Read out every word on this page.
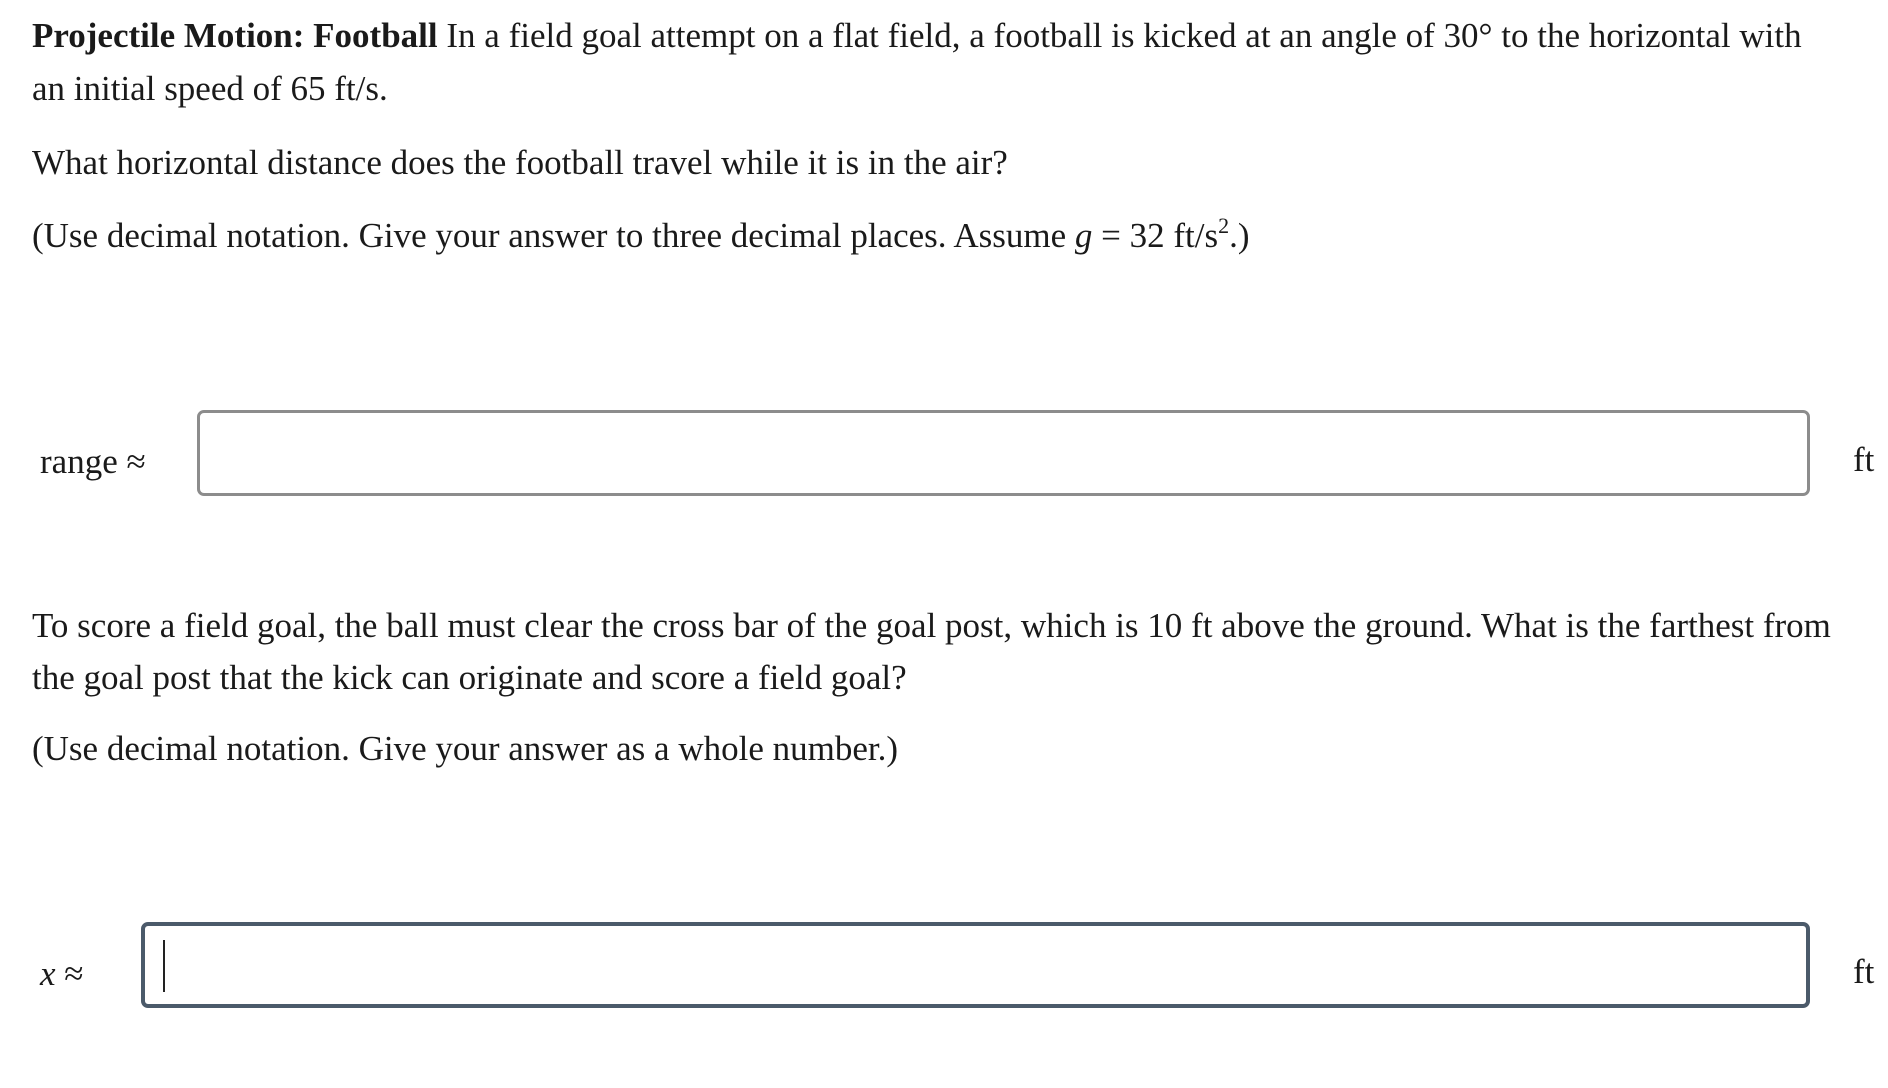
Projectile Motion: Football In a field goal attempt on a flat field, a football is kicked at an angle of 30° to the horizontal with

an initial speed of 65 ft/s.

What horizontal distance does the football travel while it is in the air?

(Use decimal notation. Give your answer to three decimal places. Assume g = 32 $ft/s^2$.)

range ≈	ft

To score a field goal, the ball must clear the cross bar of the goal post, which is 10 ft above the ground. What is the farthest from

the goal post that the kick can originate and score a field goal?

(Use decimal notation. Give your answer as a whole number.)

x ≈	ft
